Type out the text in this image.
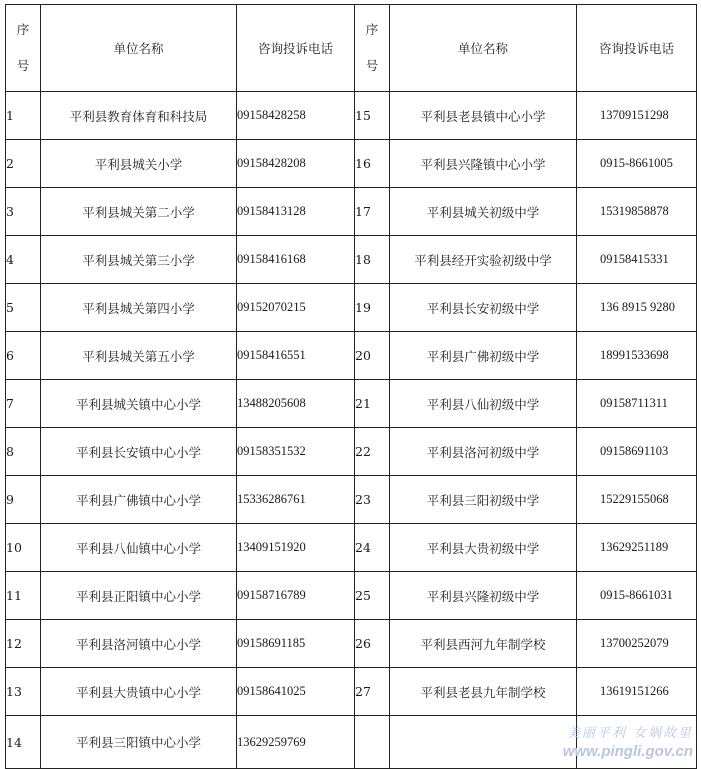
序
号	单位名称	咨询投诉电话	序
号	单位名称	咨询投诉电话
1	平利县教育体育和科技局	09158428258	15	平利县老县镇中心小学	13709151298
2	平利县城关小学	09158428208	16	平利县兴隆镇中心小学	0915-8661005
3	平利县城关第二小学	09158413128	17	平利县城关初级中学	15319858878
4	平利县城关第三小学	09158416168	18	平利县经开实验初级中学	09158415331
5	平利县城关第四小学	09152070215	19	平利县长安初级中学	136 8915 9280
6	平利县城关第五小学	09158416551	20	平利县广佛初级中学	18991533698
7	平利县城关镇中心小学	13488205608	21	平利县八仙初级中学	09158711311
8	平利县长安镇中心小学	09158351532	22	平利县洛河初级中学	09158691103
9	平利县广佛镇中心小学	15336286761	23	平利县三阳初级中学	15229155068
10	平利县八仙镇中心小学	13409151920	24	平利县大贵初级中学	13629251189
11	平利县正阳镇中心小学	09158716789	25	平利县兴隆初级中学	0915-8661031
12	平利县洛河镇中心小学	09158691185	26	平利县西河九年制学校	13700252079
13	平利县大贵镇中心小学	09158641025	27	平利县老县九年制学校	13619151266
14	平利县三阳镇中心小学	13629259769			
美丽平利 女娲故里
www.pingli.gov.cn
